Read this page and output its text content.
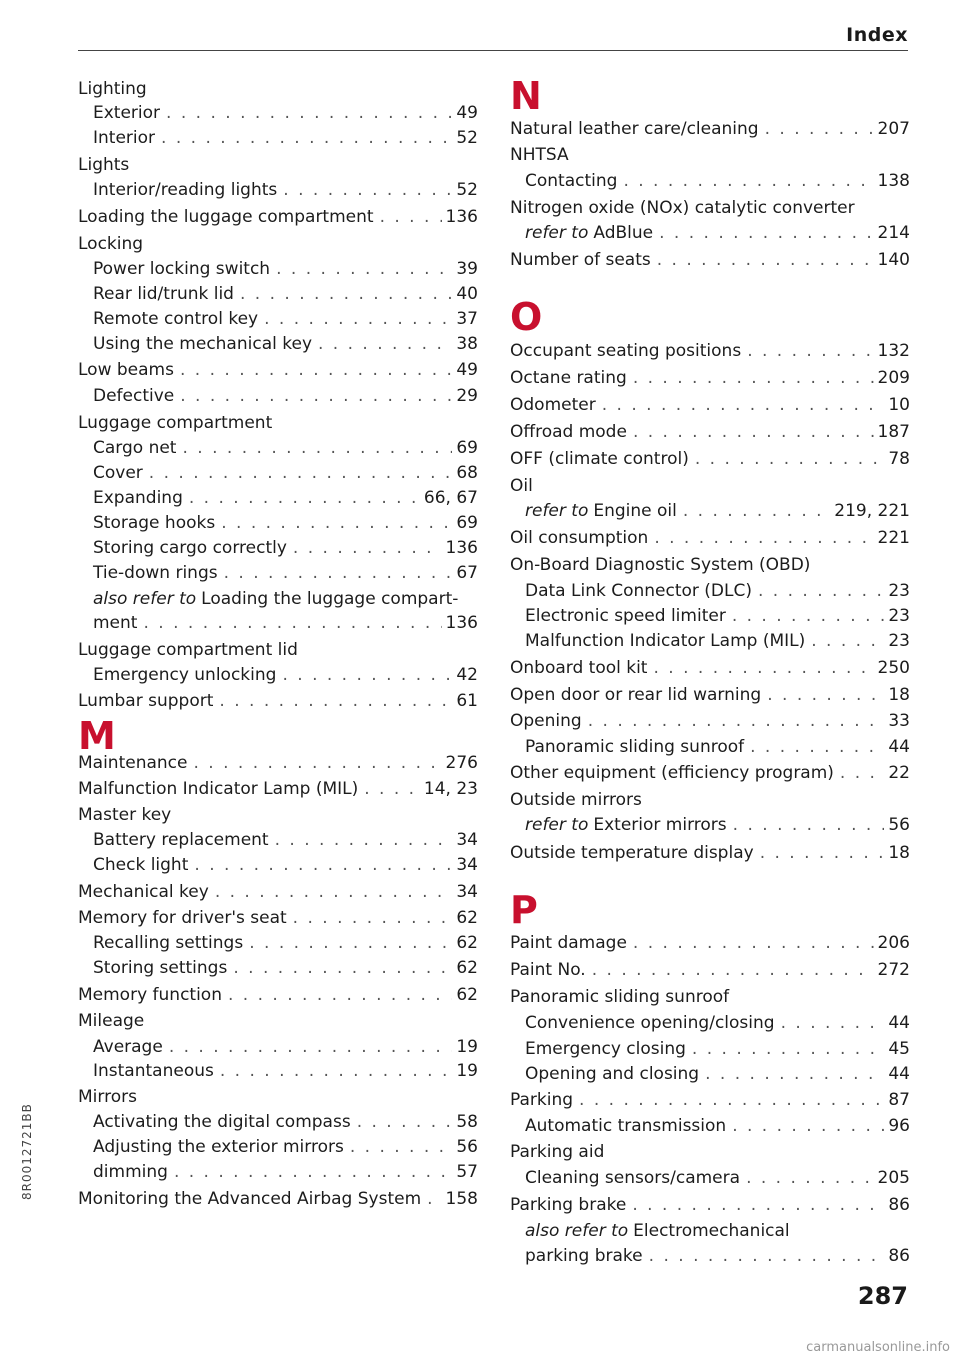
Index
Lighting
Exterior . . .	49
Interior . . .	52
Lights
Interior/reading lights . . .	52
Loading the luggage compartment . . .	136
Locking
Power locking switch . . .	39
Rear lid/trunk lid . . .	40
Remote control key . . .	37
Using the mechanical key . . .	38
Low beams . . .	49
Defective . . .	29
Luggage compartment
Cargo net . . .	69
Cover . . .	68
Expanding . . .	66, 67
Storage hooks . . .	69
Storing cargo correctly . . .	136
Tie-down rings . . .	67
also refer to Loading the luggage compart-
ment . . .	136
Luggage compartment lid
Emergency unlocking . . .	42
Lumbar support . . .	61
Maintenance . . .	276
Malfunction Indicator Lamp (MIL) . . .	14, 23
Master key
Battery replacement . . .	34
Check light . . .	34
Mechanical key . . .	34
Memory for driver's seat . . .	62
Recalling settings . . .	62
Storing settings . . .	62
Memory function . . .	62
Mileage
Average . . .	19
Instantaneous . . .	19
Mirrors
Activating the digital compass . . .	58
Adjusting the exterior mirrors . . .	56
dimming . . .	57
Monitoring the Advanced Airbag System . . . 158
Natural leather care/cleaning . . .	207
NHTSA
Contacting . . .	138
Nitrogen oxide (NOx) catalytic converter
refer to AdBlue . . .	214
Number of seats . . .	140
Occupant seating positions . . .	132
Octane rating . . .	209
Odometer . . .	10
Offroad mode . . .	187
OFF (climate control) . . .	78
Oil
refer to Engine oil . . .	219, 221
Oil consumption . . .	221
On-Board Diagnostic System (OBD)
Data Link Connector (DLC) . . .	23
Electronic speed limiter . . .	23
Malfunction Indicator Lamp (MIL) . . .	23
Onboard tool kit . . .	250
Open door or rear lid warning . . .	18
Opening . . .	33
Panoramic sliding sunroof . . .	44
Other equipment (efficiency program) . . .	22
Outside mirrors
refer to Exterior mirrors . . .	56
Outside temperature display . . .	18
Paint damage . . .	206
Paint No. . . .	272
Panoramic sliding sunroof
Convenience opening/closing . . .	44
Emergency closing . . .	45
Opening and closing . . .	44
Parking . . .	87
Automatic transmission . . .	96
Parking aid
Cleaning sensors/camera . . .	205
Parking brake . . .	86
also refer to Electromechanical
parking brake . . .	86
M
N
O
P
287
8R0012721BB
carmanualsonline.info
